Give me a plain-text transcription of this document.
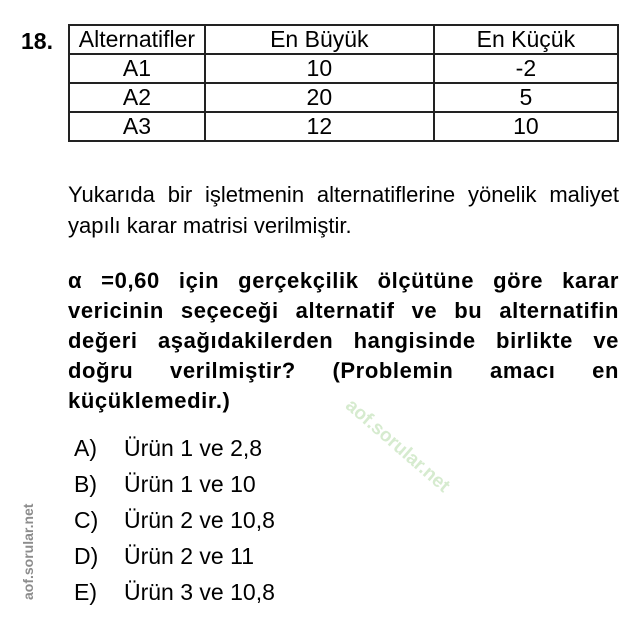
18. Alternatifler	En Büyük	En Küçük
A1	10	-2
A2	20	5
A3	12	10

Yukarıda bir işletmenin alternatiflerine yönelik maliyet yapılı karar matrisi verilmiştir.

α =0,60 için gerçekçilik ölçütüne göre karar vericinin seçeceği alternatif ve bu alternatifin değeri aşağıdakilerden hangisinde birlikte ve doğru verilmiştir? (Problemin amacı en küçüklemedir.)

A)	Ürün 1 ve 2,8
B)	Ürün 1 ve 10
C)	Ürün 2 ve 10,8
D)	Ürün 2 ve 11
E)	Ürün 3 ve 10,8
aof.sorular.net
aof.sorular.net
